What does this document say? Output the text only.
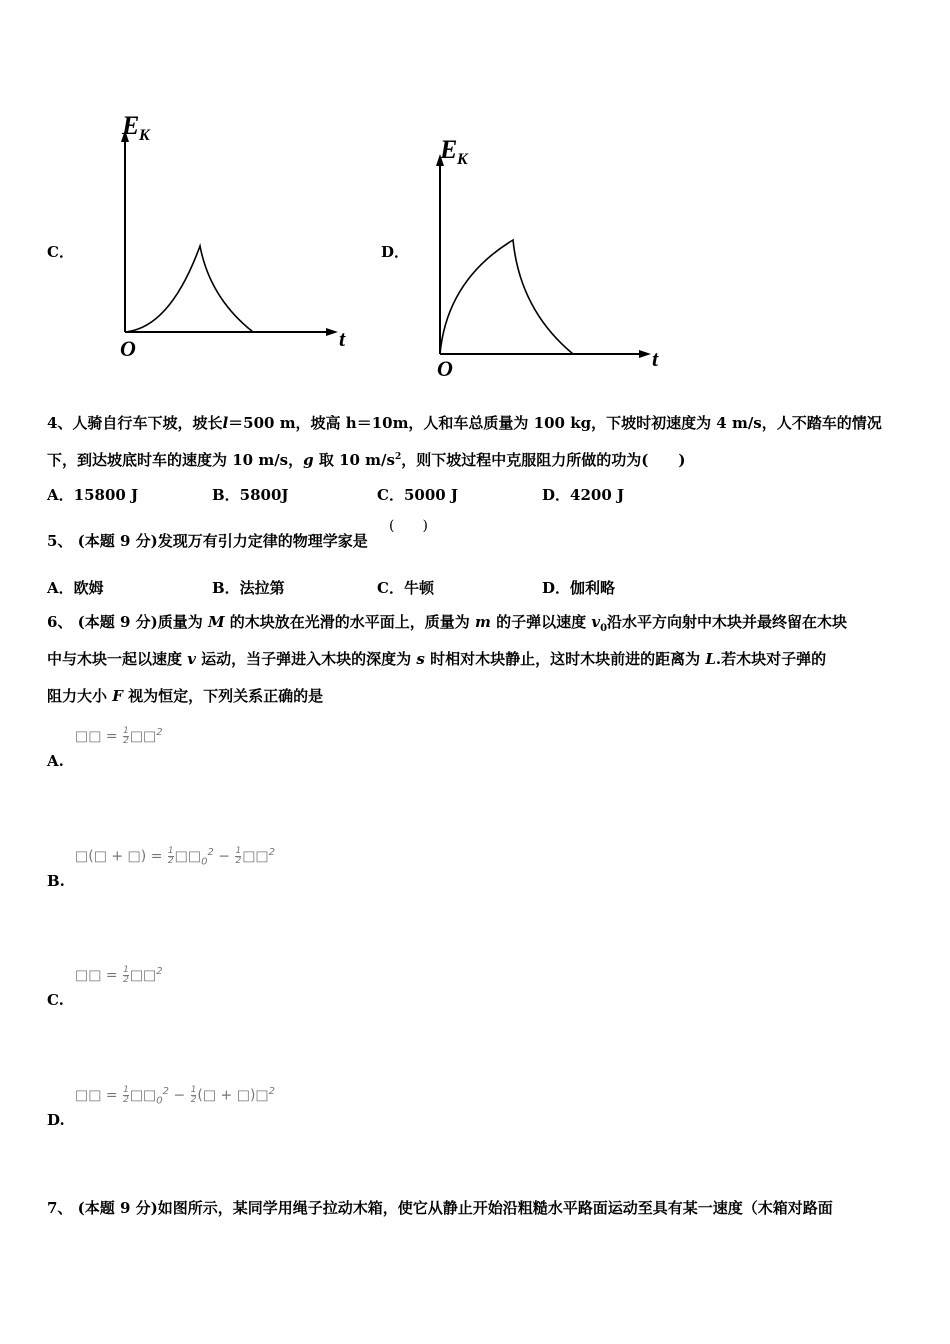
C．
E K
t
O
D．
E K
t
O
4、人骑自行车下坡，坡长l＝500 m，坡高 h＝10m，人和车总质量为 100 kg，下坡时初速度为 4 m/s，人不踏车的情况
下，到达坡底时车的速度为 10 m/s，g 取 10 $m/s^2$，则下坡过程中克服阻力所做的功为(　　)
A．15800 J	B．5800J	C．5000 J	D．4200 J
5、 (本题 9 分)发现万有引力定律的物理学家是
(　　)
A．欧姆	B．法拉第	C．牛顿	D．伽利略
6、 (本题 9 分)质量为 M 的木块放在光滑的水平面上，质量为 m 的子弹以速度 $v_0$沿水平方向射中木块并最终留在木块
中与木块一起以速度 v 运动，当子弹进入木块的深度为 s 时相对木块静止，这时木块前进的距离为 L.若木块对子弹的
阻力大小 F 视为恒定，下列关系正确的是
□□ = $\frac{1}{2}$ □□$^2$
A.
□(□ + □) = $\frac{1}{2}$ $□□_0^2 - \frac{1}{2}$ □□$^2$
B.
□□ = $\frac{1}{2}$ □□$^2$
C.
□□ = $\frac{1}{2}$ $□□_0^2 - \frac{1}{2}$ (□ + □)□$^2$
D.
7、 (本题 9 分)如图所示，某同学用绳子拉动木箱，使它从静止开始沿粗糙水平路面运动至具有某一速度（木箱对路面
